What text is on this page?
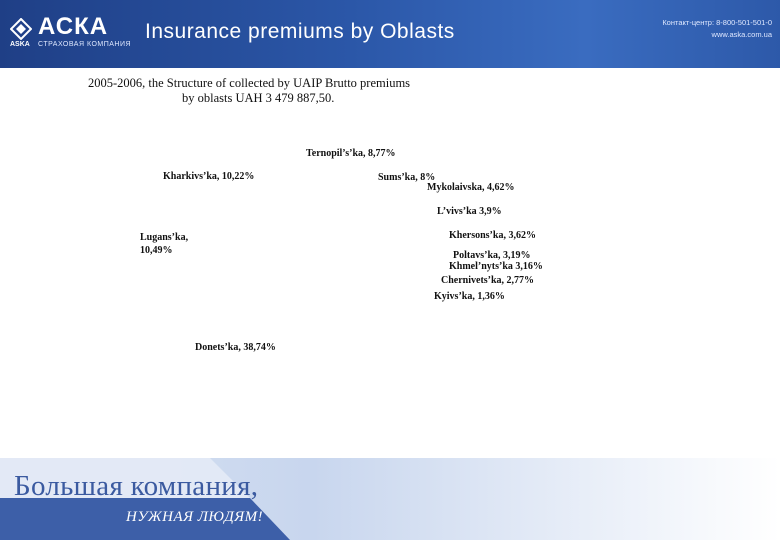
АСКА
ASKA СТРАХОВАЯ КОМПАНИЯ
Insurance premiums by Oblasts	Контакт-центр: 8-800-501-501-0
www.aska.com.ua
2005-2006, the Structure of collected by UAIP Brutto premiums
by oblasts UAH 3 479 887,50.
Ternopil’s’ka, 8,77%
Kharkivs’ka, 10,22%	Sums’ka, 8%
Mykolaivska, 4,62%
L’vivs’ka 3,9%
Lugans’ka,
10,49%
Khersons’ka, 3,62%
Poltavs’ka, 3,19%
Khmel’nyts’ka 3,16%
Chernivets’ka, 2,77%
Kyivs’ka, 1,36%
Donets’ka, 38,74%
Большая компания,
НУЖНАЯ ЛЮДЯМ!
